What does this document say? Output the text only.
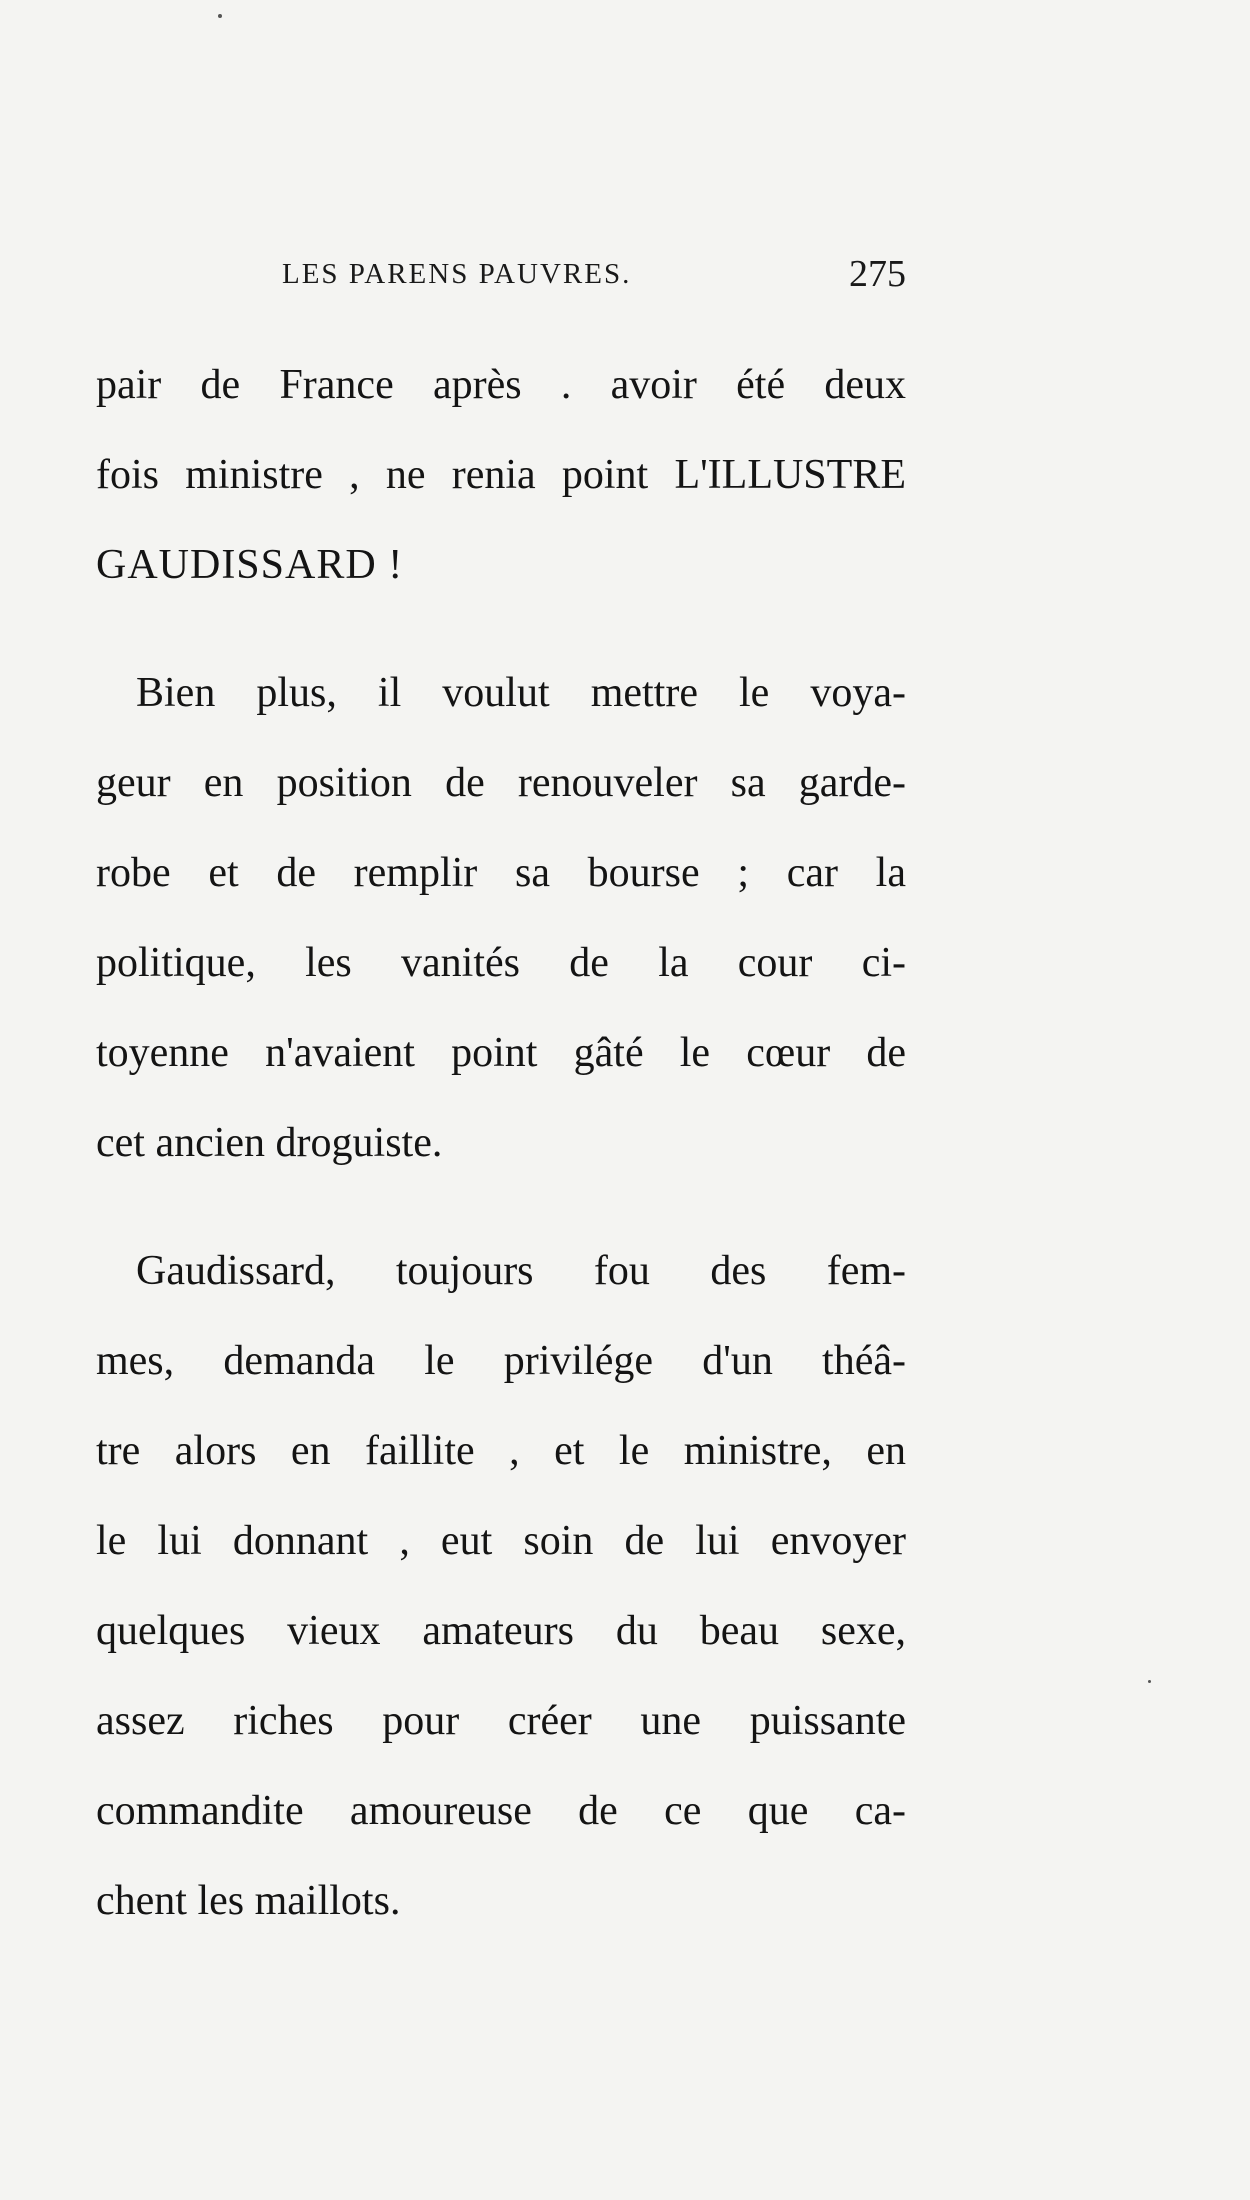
LES PARENS PAUVRES.	275
pair de France après . avoir été deux
fois ministre , ne renia point L'ILLUSTRE
GAUDISSARD !
Bien plus, il voulut mettre le voya-
geur en position de renouveler sa garde-
robe et de remplir sa bourse ; car la
politique, les vanités de la cour ci-
toyenne n'avaient point gâté le cœur de
cet ancien droguiste.
Gaudissard, toujours fou des fem-
mes, demanda le privilége d'un théâ-
tre alors en faillite , et le ministre, en
le lui donnant , eut soin de lui envoyer
quelques vieux amateurs du beau sexe,
assez riches pour créer une puissante
commandite amoureuse de ce que ca-
chent les maillots.
